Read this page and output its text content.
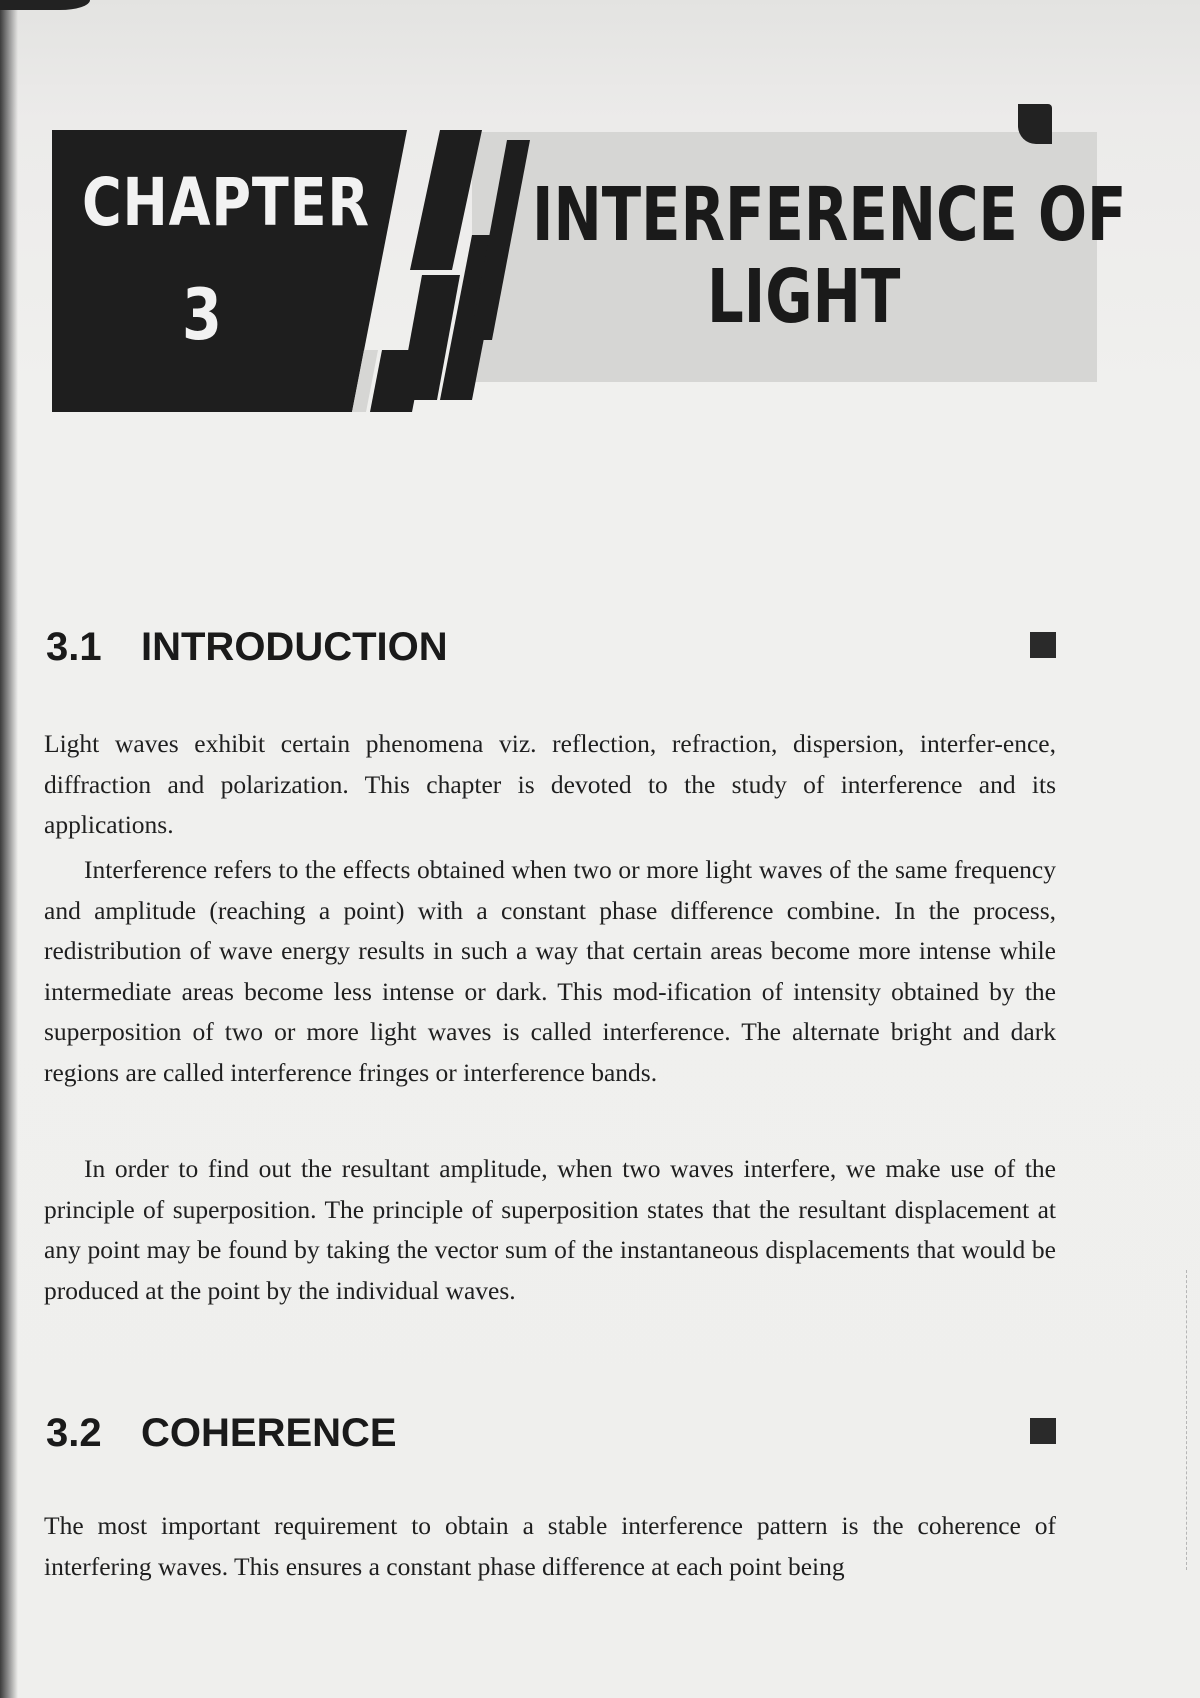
CHAPTER
3
INTERFERENCE OF
LIGHT
3.1 INTRODUCTION

Light waves exhibit certain phenomena viz. reflection, refraction, dispersion, interfer-ence, diffraction and polarization. This chapter is devoted to the study of interference and its applications.

Interference refers to the effects obtained when two or more light waves of the same frequency and amplitude (reaching a point) with a constant phase difference combine. In the process, redistribution of wave energy results in such a way that certain areas become more intense while intermediate areas become less intense or dark. This mod-ification of intensity obtained by the superposition of two or more light waves is called interference. The alternate bright and dark regions are called interference fringes or interference bands.

In order to find out the resultant amplitude, when two waves interfere, we make use of the principle of superposition. The principle of superposition states that the resultant displacement at any point may be found by taking the vector sum of the instantaneous displacements that would be produced at the point by the individual waves.

3.2 COHERENCE

The most important requirement to obtain a stable interference pattern is the coherence of interfering waves. This ensures a constant phase difference at each point being
